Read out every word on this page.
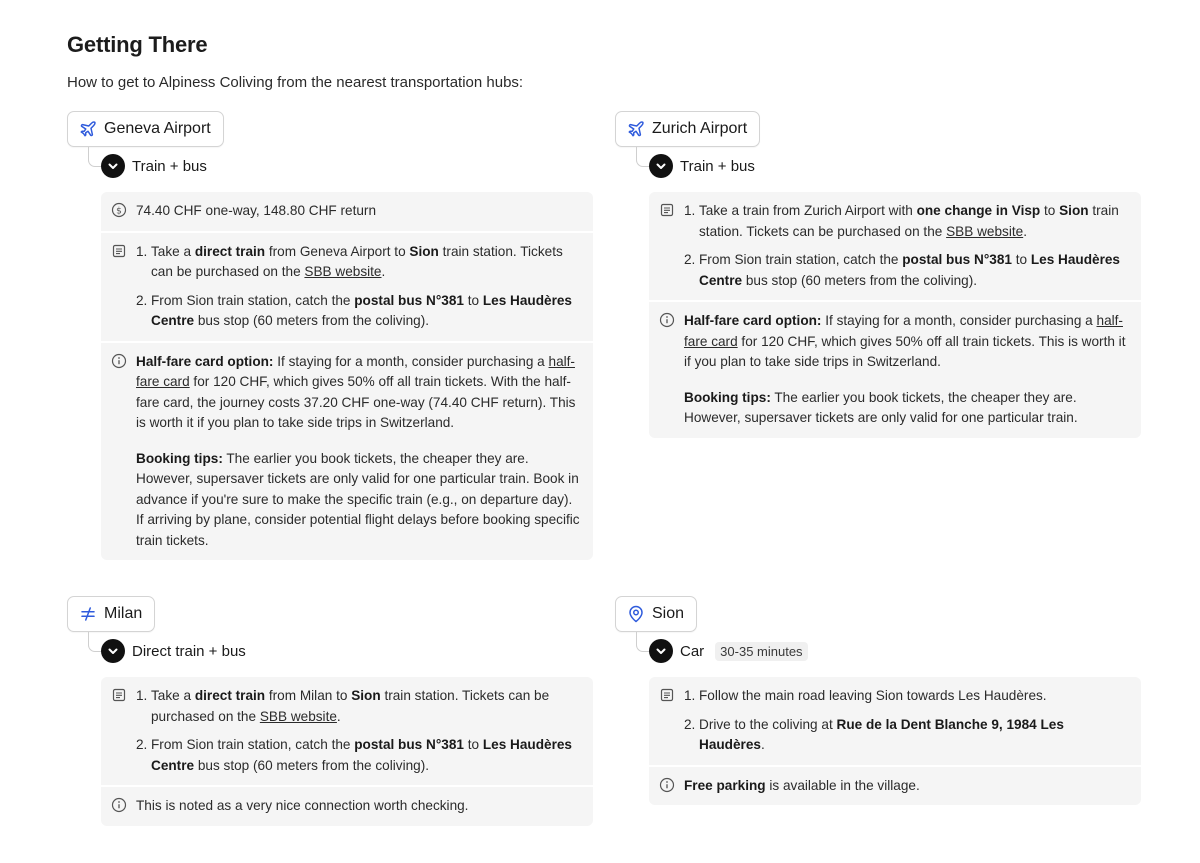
Getting There
How to get to Alpiness Coliving from the nearest transportation hubs:
Geneva Airport
Train + bus
$ 74.40 CHF one-way, 148.80 CHF return
1. Take a direct train from Geneva Airport to Sion train station. Tickets can be purchased on the SBB website.
2. From Sion train station, catch the postal bus N°381 to Les Haudères Centre bus stop (60 meters from the coliving).

Half-fare card option: If staying for a month, consider purchasing a half-fare card for 120 CHF, which gives 50% off all train tickets. With the half-fare card, the journey costs 37.20 CHF one-way (74.40 CHF return). This is worth it if you plan to take side trips in Switzerland.

Booking tips: The earlier you book tickets, the cheaper they are. However, supersaver tickets are only valid for one particular train. Book in advance if you're sure to make the specific train (e.g., on departure day). If arriving by plane, consider potential flight delays before booking specific train tickets.

Zurich Airport
Train + bus
1. Take a train from Zurich Airport with one change in Visp to Sion train station. Tickets can be purchased on the SBB website.
2. From Sion train station, catch the postal bus N°381 to Les Haudères Centre bus stop (60 meters from the coliving).

Half-fare card option: If staying for a month, consider purchasing a half-fare card for 120 CHF, which gives 50% off all train tickets. This is worth it if you plan to take side trips in Switzerland.

Booking tips: The earlier you book tickets, the cheaper they are. However, supersaver tickets are only valid for one particular train.

Milan
Direct train + bus
1. Take a direct train from Milan to Sion train station. Tickets can be purchased on the SBB website.
2. From Sion train station, catch the postal bus N°381 to Les Haudères Centre bus stop (60 meters from the coliving).
This is noted as a very nice connection worth checking.
Sion
Car	30-35 minutes
1. Follow the main road leaving Sion towards Les Haudères.
2. Drive to the coliving at Rue de la Dent Blanche 9, 1984 Les Haudères.

Free parking is available in the village.
